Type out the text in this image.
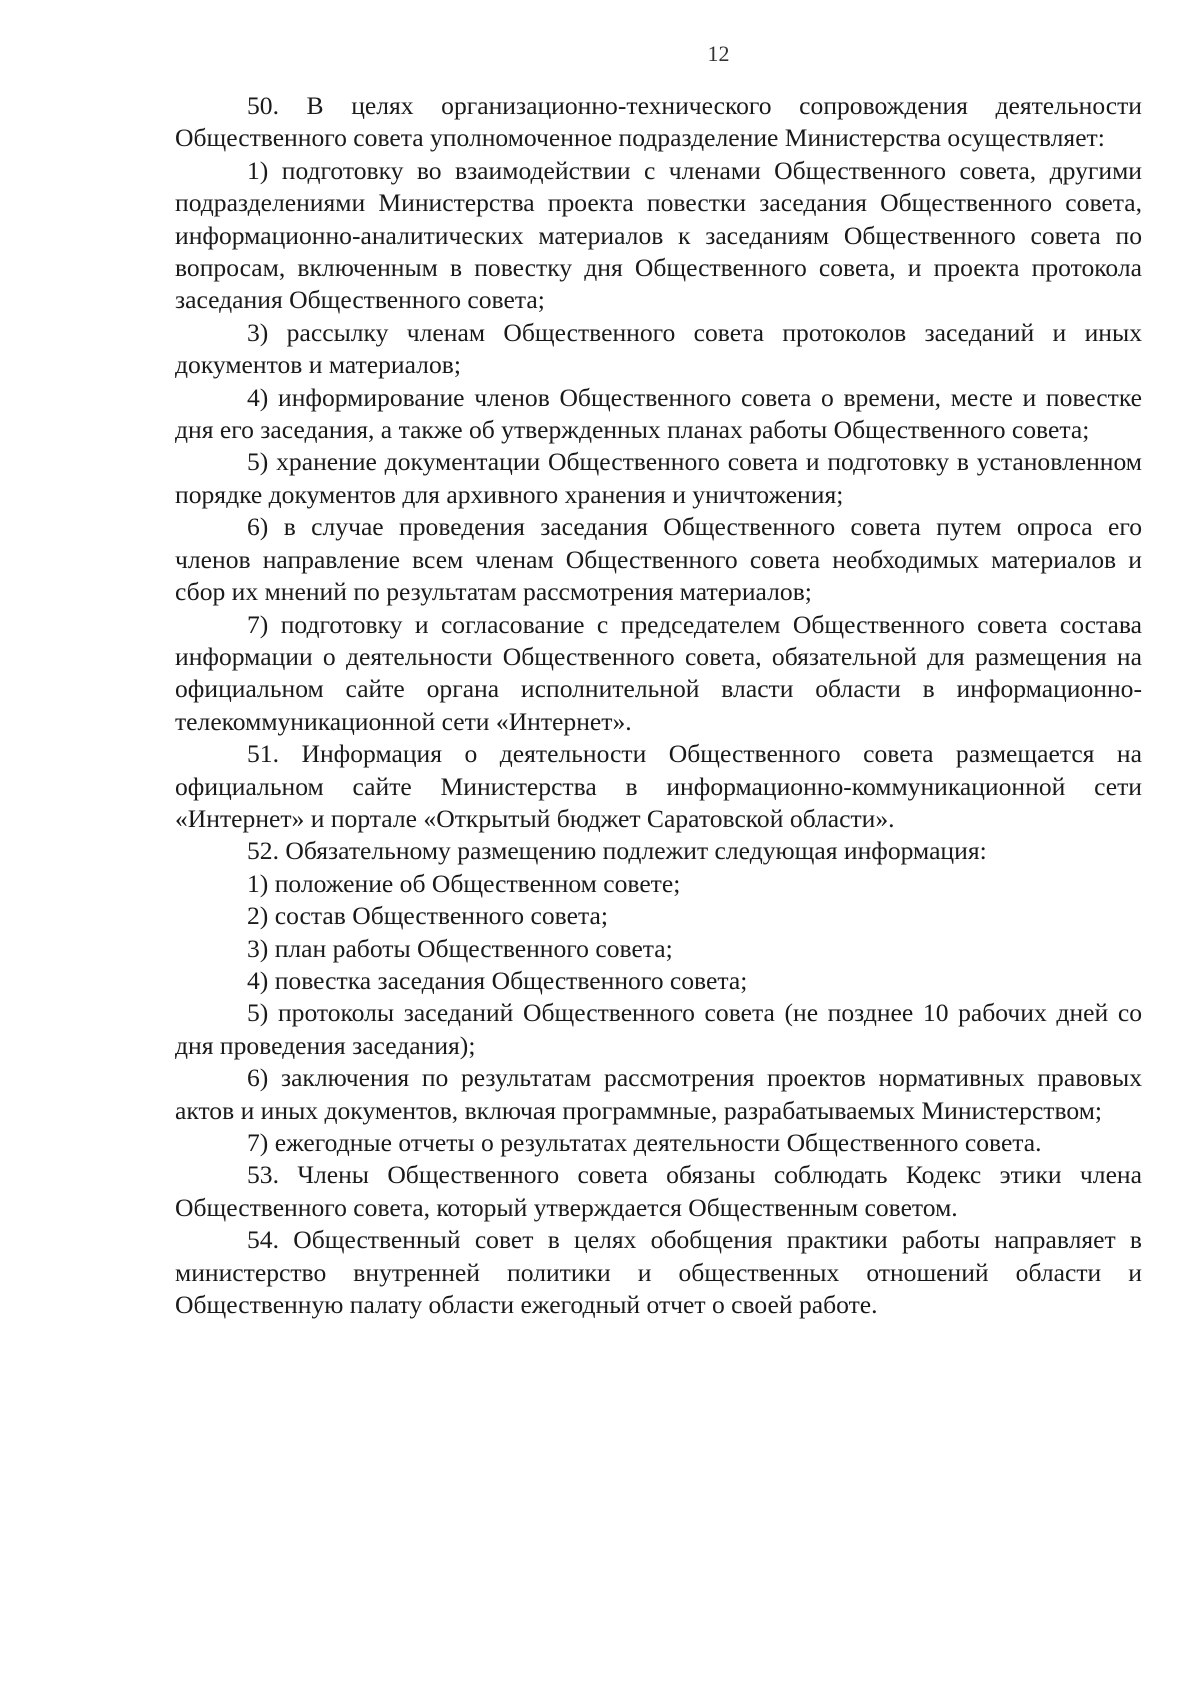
12

50. В целях организационно-технического сопровождения деятельности Общественного совета уполномоченное подразделение Министерства осуществляет:

1) подготовку во взаимодействии с членами Общественного совета, другими подразделениями Министерства проекта повестки заседания Общественного совета, информационно-аналитических материалов к заседаниям Общественного совета по вопросам, включенным в повестку дня Общественного совета, и проекта протокола заседания Общественного совета;

3) рассылку членам Общественного совета протоколов заседаний и иных документов и материалов;

4) информирование членов Общественного совета о времени, месте и повестке дня его заседания, а также об утвержденных планах работы Общественного совета;

5) хранение документации Общественного совета и подготовку в установленном порядке документов для архивного хранения и уничтожения;

6) в случае проведения заседания Общественного совета путем опроса его членов направление всем членам Общественного совета необходимых материалов и сбор их мнений по результатам рассмотрения материалов;

7) подготовку и согласование с председателем Общественного совета состава информации о деятельности Общественного совета, обязательной для размещения на официальном сайте органа исполнительной власти области в информационно-телекоммуникационной сети «Интернет».

51. Информация о деятельности Общественного совета размещается на официальном сайте Министерства в информационно-коммуникационной сети «Интернет» и портале «Открытый бюджет Саратовской области».

52. Обязательному размещению подлежит следующая информация:

1) положение об Общественном совете;

2) состав Общественного совета;

3) план работы Общественного совета;

4) повестка заседания Общественного совета;

5) протоколы заседаний Общественного совета (не позднее 10 рабочих дней со дня проведения заседания);

6) заключения по результатам рассмотрения проектов нормативных правовых актов и иных документов, включая программные, разрабатываемых Министерством;

7) ежегодные отчеты о результатах деятельности Общественного совета.

53. Члены Общественного совета обязаны соблюдать Кодекс этики члена Общественного совета, который утверждается Общественным советом.

54. Общественный совет в целях обобщения практики работы направляет в министерство внутренней политики и общественных отношений области и Общественную палату области ежегодный отчет о своей работе.
